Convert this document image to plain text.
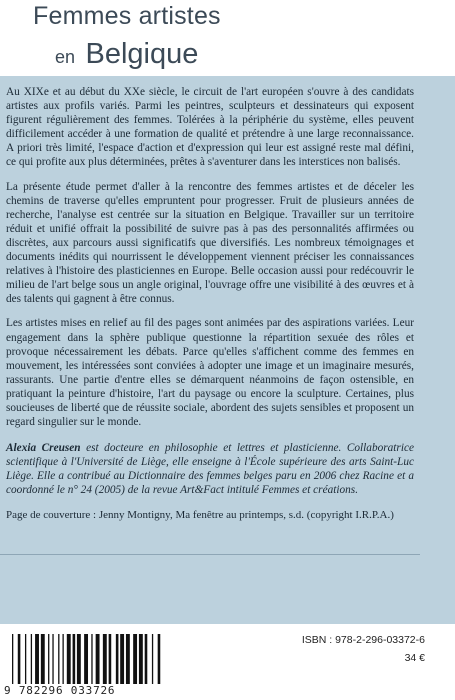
Femmes artistes
en Belgique

Au XIXe et au début du XXe siècle, le circuit de l'art européen s'ouvre à des candidats artistes aux profils variés. Parmi les peintres, sculpteurs et dessinateurs qui exposent figurent régulièrement des femmes. Tolérées à la périphérie du système, elles peuvent difficilement accéder à une formation de qualité et prétendre à une large reconnaissance. A priori très limité, l'espace d'action et d'expression qui leur est assigné reste mal défini, ce qui profite aux plus déterminées, prêtes à s'aventurer dans les interstices non balisés.

La présente étude permet d'aller à la rencontre des femmes artistes et de déceler les chemins de traverse qu'elles empruntent pour progresser. Fruit de plusieurs années de recherche, l'analyse est centrée sur la situation en Belgique. Travailler sur un territoire réduit et unifié offrait la possibilité de suivre pas à pas des personnalités affirmées ou discrètes, aux parcours aussi significatifs que diversifiés. Les nombreux témoignages et documents inédits qui nourrissent le développement viennent préciser les connaissances relatives à l'histoire des plasticiennes en Europe. Belle occasion aussi pour redécouvrir le milieu de l'art belge sous un angle original, l'ouvrage offre une visibilité à des œuvres et à des talents qui gagnent à être connus.

Les artistes mises en relief au fil des pages sont animées par des aspirations variées. Leur engagement dans la sphère publique questionne la répartition sexuée des rôles et provoque nécessairement les débats. Parce qu'elles s'affichent comme des femmes en mouvement, les intéressées sont conviées à adopter une image et un imaginaire mesurés, rassurants. Une partie d'entre elles se démarquent néanmoins de façon ostensible, en pratiquant la peinture d'histoire, l'art du paysage ou encore la sculpture. Certaines, plus soucieuses de liberté que de réussite sociale, abordent des sujets sensibles et proposent un regard singulier sur le monde.

Alexia Creusen est docteure en philosophie et lettres et plasticienne. Collaboratrice scientifique à l'Université de Liège, elle enseigne à l'École supérieure des arts Saint-Luc Liège. Elle a contribué au Dictionnaire des femmes belges paru en 2006 chez Racine et a coordonné le n° 24 (2005) de la revue Art&Fact intitulé Femmes et créations.

Page de couverture : Jenny Montigny, Ma fenêtre au printemps, s.d. (copyright I.R.P.A.)

9 782296 033726
ISBN : 978-2-296-03372-6
34 €
